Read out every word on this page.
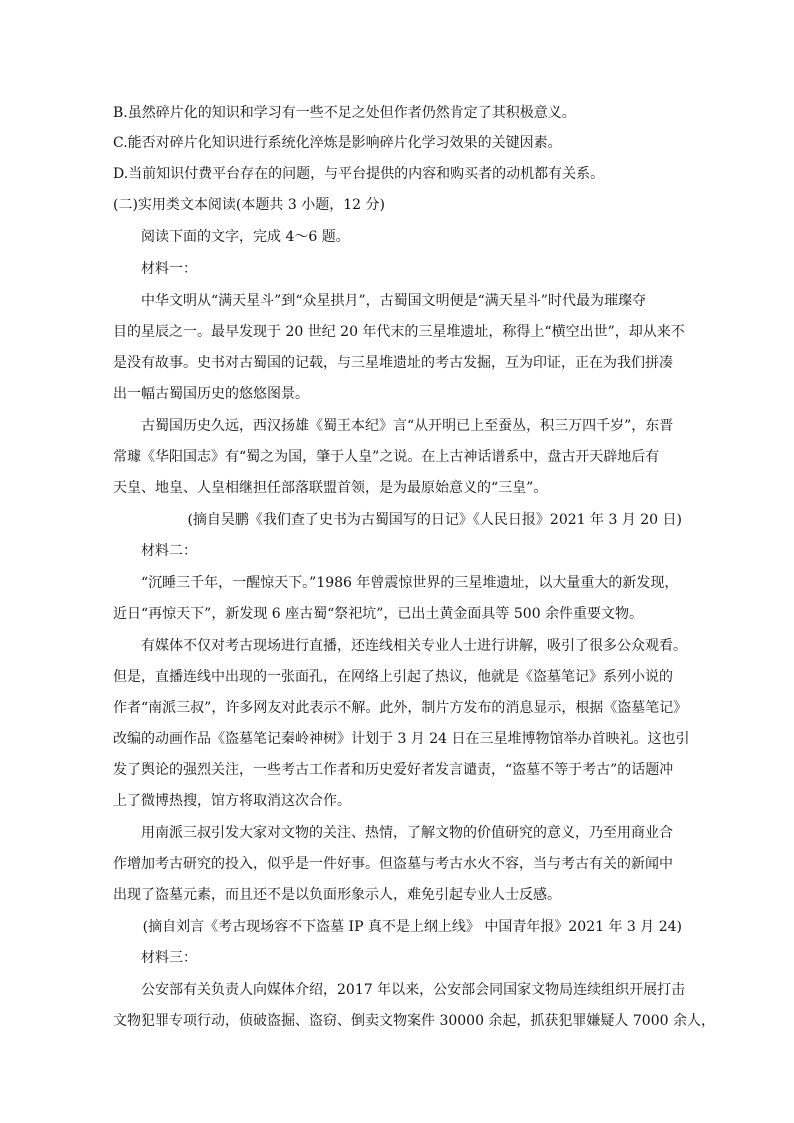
B.虽然碎片化的知识和学习有一些不足之处但作者仍然肯定了其积极意义。
C.能否对碎片化知识进行系统化淬炼是影响碎片化学习效果的关键因素。
D.当前知识付费平台存在的问题，与平台提供的内容和购买者的动机都有关系。
(二)实用类文本阅读(本题共 3 小题，12 分)
阅读下面的文字，完成 4～6 题。
材料一：
中华文明从“满天星斗”到“众星拱月”，古蜀国文明便是“满天星斗”时代最为璀璨夺
目的星辰之一。最早发现于 20 世纪 20 年代末的三星堆遗址，称得上“横空出世”，却从来不
是没有故事。史书对古蜀国的记载，与三星堆遗址的考古发掘，互为印证，正在为我们拼凑
出一幅古蜀国历史的悠悠图景。
古蜀国历史久远，西汉扬雄《蜀王本纪》言“从开明已上至蚕丛，积三万四千岁”，东晋
常璩《华阳国志》有“蜀之为国，肇于人皇”之说。在上古神话谱系中，盘古开天辟地后有
天皇、地皇、人皇相继担任部落联盟首领，是为最原始意义的“三皇”。
(摘自吴鹏《我们查了史书为古蜀国写的日记》《人民日报》2021 年 3 月 20 日)
材料二：
“沉睡三千年，一醒惊天下。”1986 年曾震惊世界的三星堆遗址，以大量重大的新发现，
近日“再惊天下”，新发现 6 座古蜀“祭祀坑”，已出土黄金面具等 500 余件重要文物。
有媒体不仅对考古现场进行直播，还连线相关专业人士进行讲解，吸引了很多公众观看。
但是，直播连线中出现的一张面孔，在网络上引起了热议，他就是《盗墓笔记》系列小说的
作者“南派三叔”，许多网友对此表示不解。此外，制片方发布的消息显示，根据《盗墓笔记》
改编的动画作品《盗墓笔记秦岭神树》计划于 3 月 24 日在三星堆博物馆举办首映礼。这也引
发了舆论的强烈关注，一些考古工作者和历史爱好者发言谴责，“盗墓不等于考古”的话题冲
上了微博热搜，馆方将取消这次合作。
用南派三叔引发大家对文物的关注、热情，了解文物的价值研究的意义，乃至用商业合
作增加考古研究的投入，似乎是一件好事。但盗墓与考古水火不容，当与考古有关的新闻中
出现了盗墓元素，而且还不是以负面形象示人，难免引起专业人士反感。
(摘自刘言《考古现场容不下盗墓 IP 真不是上纲上线》 中国青年报》2021 年 3 月 24)
材料三：
公安部有关负责人向媒体介绍，2017 年以来，公安部会同国家文物局连续组织开展打击
文物犯罪专项行动，侦破盗掘、盗窃、倒卖文物案件 30000 余起，抓获犯罪嫌疑人 7000 余人，
